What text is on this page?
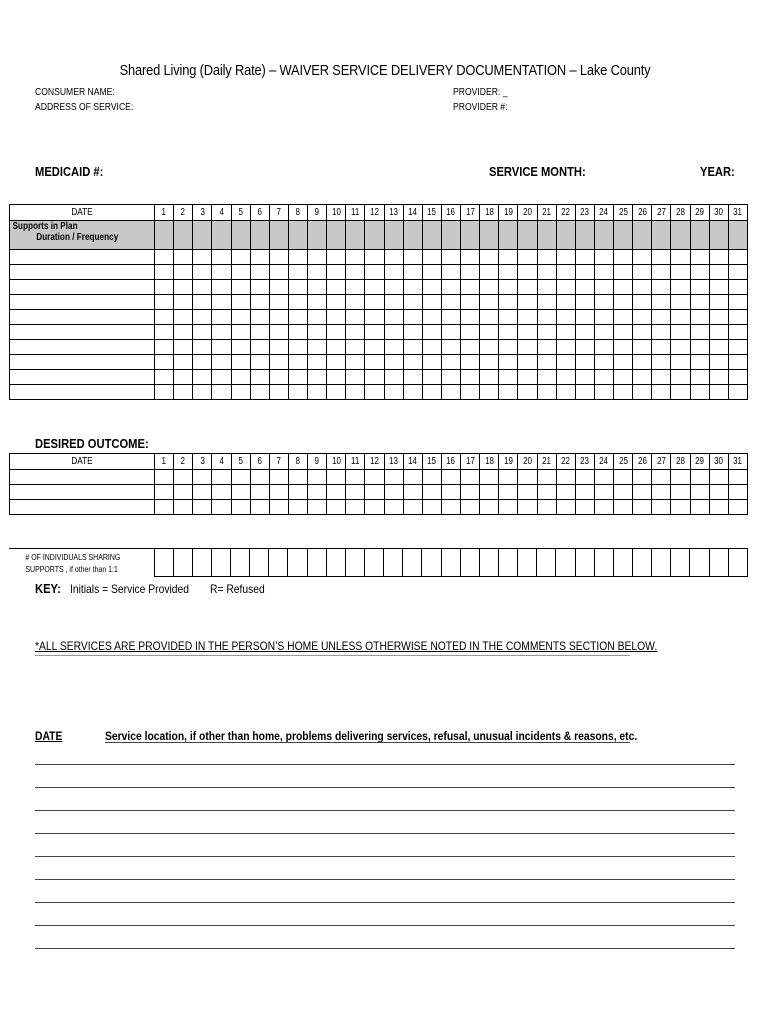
Shared Living (Daily Rate) – WAIVER SERVICE DELIVERY DOCUMENTATION – Lake County
CONSUMER NAME:
ADDRESS OF SERVICE:
PROVIDER: _
PROVIDER #:
MEDICAID #:	SERVICE MONTH:	YEAR:
DATE	1	2	3	4	5	6	7	8	9	10	11	12	13	14	15	16	17	18	19	20	21	22	23	24	25	26	27	28	29	30	31

Supports in Plan
Duration / Frequency																															

DESIRED OUTCOME:
DATE	1	2	3	4	5	6	7	8	9	10	11	12	13	14	15	16	17	18	19	20	21	22	23	24	25	26	27	28	29	30	31

# OF INDIVIDUALS SHARING
SUPPORTS , if other than 1:1

KEY: Initials = Service Provided R= Refused
*ALL SERVICES ARE PROVIDED IN THE PERSON’S HOME UNLESS OTHERWISE NOTED IN THE COMMENTS SECTION BELOW.
DATE	Service location, if other than home, problems delivering services, refusal, unusual incidents & reasons, etc.
